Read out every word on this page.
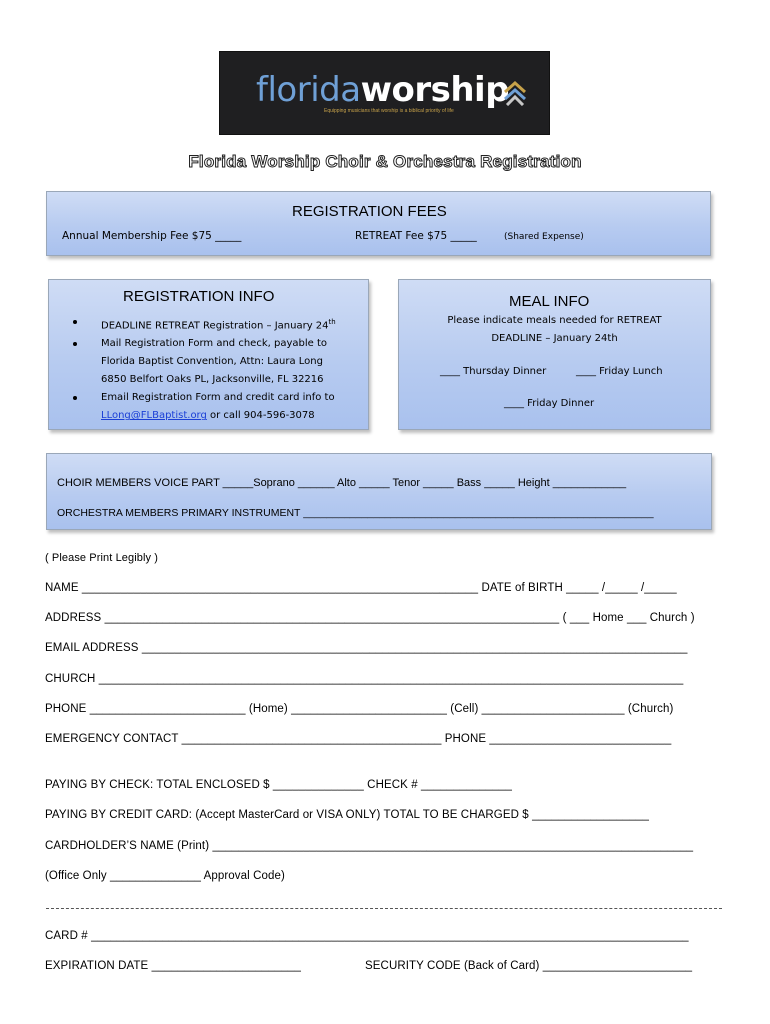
floridaworship
Equipping musicians that worship is a biblical priority of life
Florida Worship Choir & Orchestra Registration
REGISTRATION FEES
Annual Membership Fee $75 _____	RETREAT Fee $75 _____	(Shared Expense)
REGISTRATION INFO
DEADLINE RETREAT Registration – January 24th
Mail Registration Form and check, payable to
Florida Baptist Convention, Attn: Laura Long
6850 Belfort Oaks PL, Jacksonville, FL 32216
Email Registration Form and credit card info to
LLong@FLBaptist.org or call 904-596-3078
MEAL INFO
Please indicate meals needed for RETREAT
DEADLINE – January 24th
____ Thursday Dinner	____ Friday Lunch
____ Friday Dinner
CHOIR MEMBERS VOICE PART _____Soprano ______ Alto _____ Tenor _____ Bass _____ Height ____________
ORCHESTRA MEMBERS PRIMARY INSTRUMENT ____________________________________________________________
( Please Print Legibly )
NAME _____________________________________________________________ DATE of BIRTH _____ /_____ /_____
ADDRESS ______________________________________________________________________ ( ___ Home ___ Church )
EMAIL ADDRESS ____________________________________________________________________________________
CHURCH __________________________________________________________________________________________
PHONE ________________________ (Home) ________________________ (Cell) ______________________ (Church)
EMERGENCY CONTACT ________________________________________ PHONE ____________________________
PAYING BY CHECK: TOTAL ENCLOSED $ ______________ CHECK # ______________
PAYING BY CREDIT CARD: (Accept MasterCard or VISA ONLY) TOTAL TO BE CHARGED $ __________________
CARDHOLDER’S NAME (Print) __________________________________________________________________________
(Office Only ______________ Approval Code)
CARD # ____________________________________________________________________________________________
EXPIRATION DATE _______________________	SECURITY CODE (Back of Card) _______________________
